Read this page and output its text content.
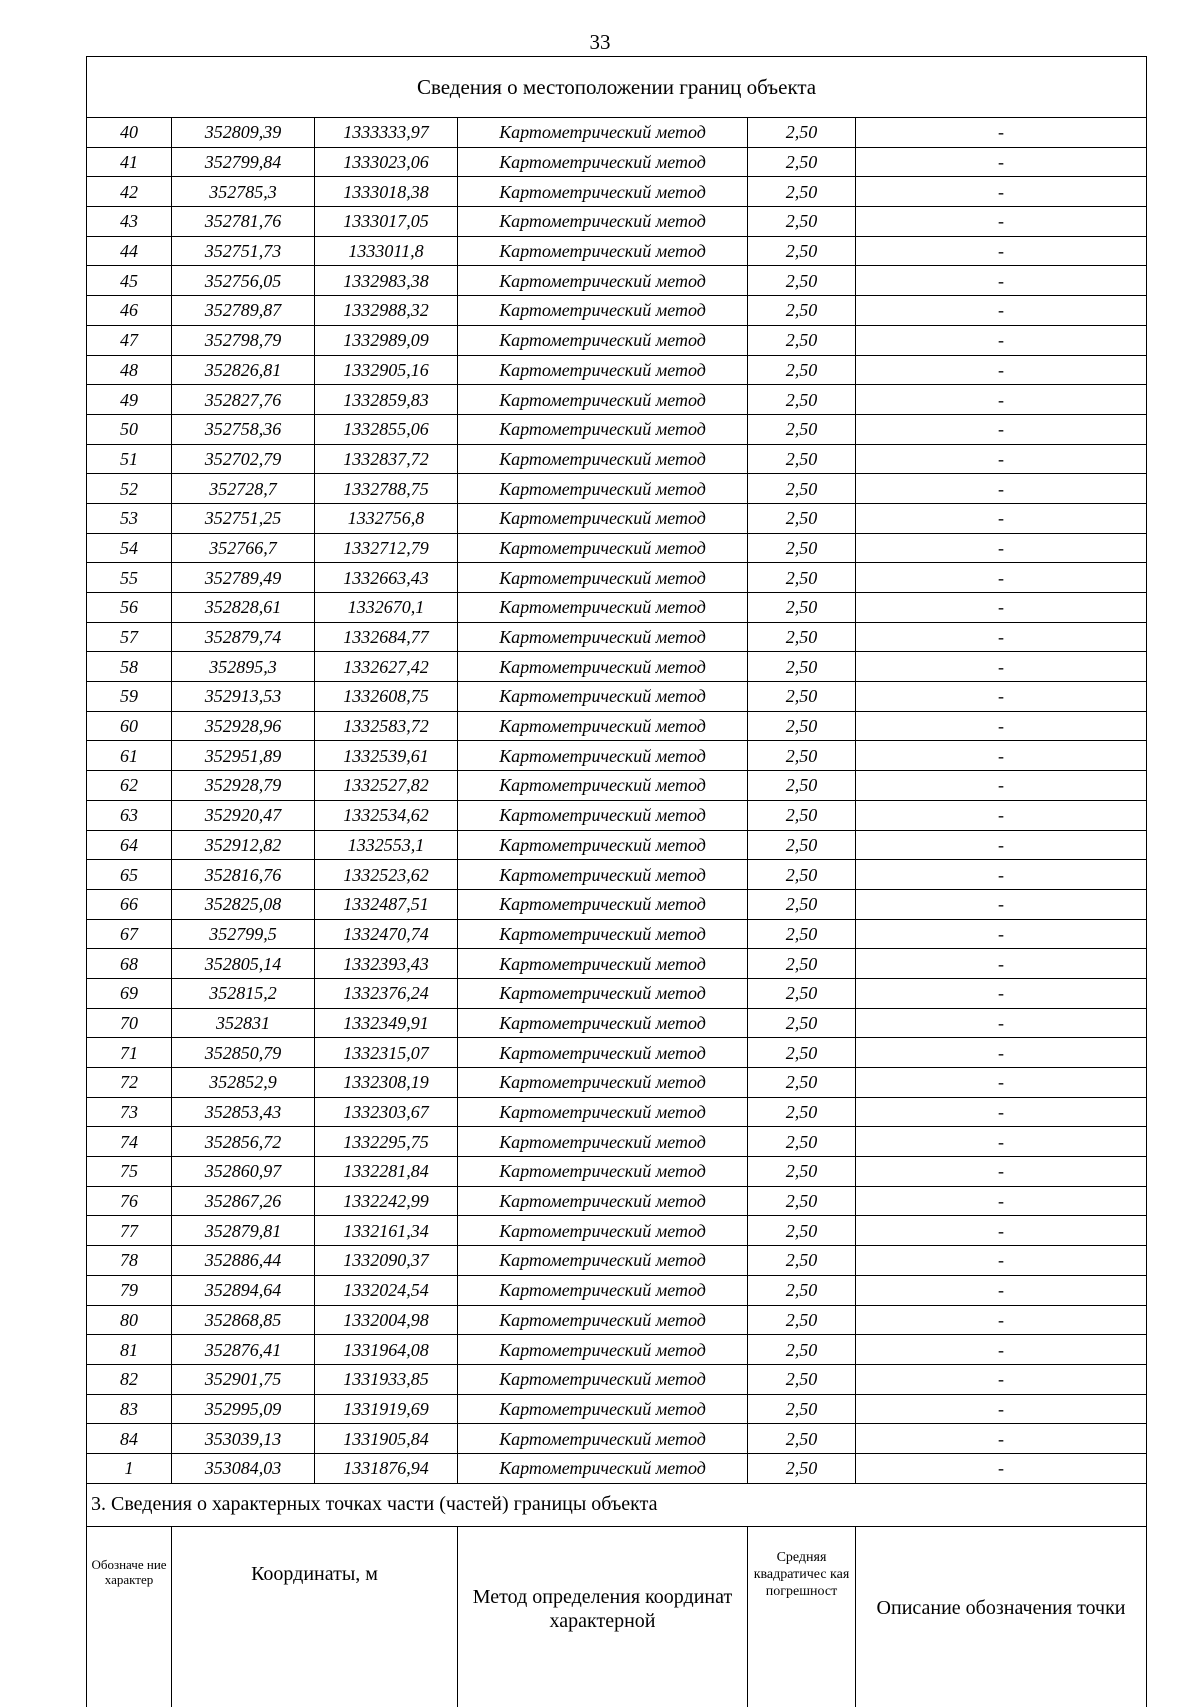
33
Сведения о местоположении границ объекта					
40	352809,39	1333333,97	Картометрический метод	2,50	-
41	352799,84	1333023,06	Картометрический метод	2,50	-
42	352785,3	1333018,38	Картометрический метод	2,50	-
43	352781,76	1333017,05	Картометрический метод	2,50	-
44	352751,73	1333011,8	Картометрический метод	2,50	-
45	352756,05	1332983,38	Картометрический метод	2,50	-
46	352789,87	1332988,32	Картометрический метод	2,50	-
47	352798,79	1332989,09	Картометрический метод	2,50	-
48	352826,81	1332905,16	Картометрический метод	2,50	-
49	352827,76	1332859,83	Картометрический метод	2,50	-
50	352758,36	1332855,06	Картометрический метод	2,50	-
51	352702,79	1332837,72	Картометрический метод	2,50	-
52	352728,7	1332788,75	Картометрический метод	2,50	-
53	352751,25	1332756,8	Картометрический метод	2,50	-
54	352766,7	1332712,79	Картометрический метод	2,50	-
55	352789,49	1332663,43	Картометрический метод	2,50	-
56	352828,61	1332670,1	Картометрический метод	2,50	-
57	352879,74	1332684,77	Картометрический метод	2,50	-
58	352895,3	1332627,42	Картометрический метод	2,50	-
59	352913,53	1332608,75	Картометрический метод	2,50	-
60	352928,96	1332583,72	Картометрический метод	2,50	-
61	352951,89	1332539,61	Картометрический метод	2,50	-
62	352928,79	1332527,82	Картометрический метод	2,50	-
63	352920,47	1332534,62	Картометрический метод	2,50	-
64	352912,82	1332553,1	Картометрический метод	2,50	-
65	352816,76	1332523,62	Картометрический метод	2,50	-
66	352825,08	1332487,51	Картометрический метод	2,50	-
67	352799,5	1332470,74	Картометрический метод	2,50	-
68	352805,14	1332393,43	Картометрический метод	2,50	-
69	352815,2	1332376,24	Картометрический метод	2,50	-
70	352831	1332349,91	Картометрический метод	2,50	-
71	352850,79	1332315,07	Картометрический метод	2,50	-
72	352852,9	1332308,19	Картометрический метод	2,50	-
73	352853,43	1332303,67	Картометрический метод	2,50	-
74	352856,72	1332295,75	Картометрический метод	2,50	-
75	352860,97	1332281,84	Картометрический метод	2,50	-
76	352867,26	1332242,99	Картометрический метод	2,50	-
77	352879,81	1332161,34	Картометрический метод	2,50	-
78	352886,44	1332090,37	Картометрический метод	2,50	-
79	352894,64	1332024,54	Картометрический метод	2,50	-
80	352868,85	1332004,98	Картометрический метод	2,50	-
81	352876,41	1331964,08	Картометрический метод	2,50	-
82	352901,75	1331933,85	Картометрический метод	2,50	-
83	352995,09	1331919,69	Картометрический метод	2,50	-
84	353039,13	1331905,84	Картометрический метод	2,50	-
1	353084,03	1331876,94	Картометрический метод	2,50	-
3. Сведения о характерных точках части (частей) границы объекта					
Обозначе ние характер	Координаты, м		Метод определения координат характерной	Средняя квадратичес кая погрешност	Описание обозначения точки
